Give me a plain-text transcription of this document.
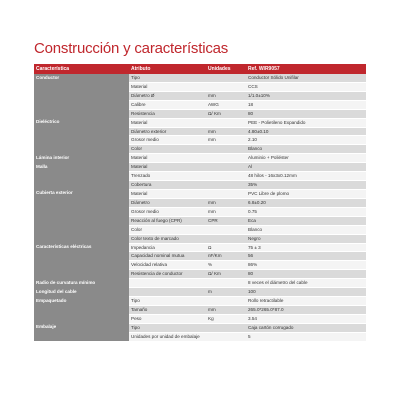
Construcción y características
Característica	Atributo	Unidades	Ref. WIR9057
Conductor	Tipo		Conductor Sólido Unifilar
	Material		CCS
	Diámetro Ø	mm	1/1.0±10%
	Calibre	AWG	18
	Resistencia	Ω/ Km	80
Dieléctrico	Material		PEE - Polietileno Expandido
	Diámetro exterior	mm	4.80±0.10
	Grosor medio	mm	2.10
	Color		Blanco
Lámina interior	Material		Aluminio + Poliéster
Malla	Material		Al
	Trenzado		48 hilos - 16x3x0.12mm
	Cobertura		35%
Cubierta exterior	Material		PVC Libre de plomo
	Diámetro	mm	6.8±0.20
	Grosor medio	mm	0.75
	Reacción al fuego (CPR)	CPR	Eca
	Color		Blanco
	Color texto de marcado		Negro
Características eléctricas	Impedancia	Ω	75 ± 3
	Capacidad nominal mutua	nF/Km	56
	Velocidad relativa	%	86%
	Resistencia de conductor	Ω/ Km	80
Radio de curvatura mínimo			8 veces el diámetro del cable
Longitud del cable		m	100
Empaquetado	Tipo		Rollo retractilable
	Tamaño	mm	265.0*265.0*87.0
	Peso	Kg	3.54
Embalaje	Tipo		Caja cartón corrugado
	Unidades por unidad de embalaje		5
